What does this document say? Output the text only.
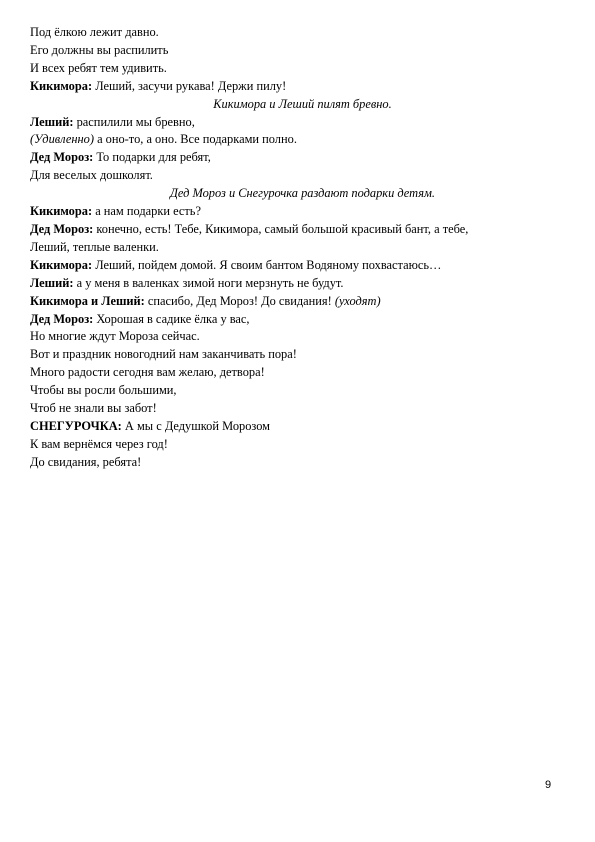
Под ёлкою лежит давно.
Его должны вы распилить
И всех ребят тем удивить.
Кикимора: Леший, засучи рукава! Держи пилу!
Кикимора и Леший пилят бревно.
Леший: распилили мы бревно,
(Удивленно) а оно-то, а оно. Все подарками полно.
Дед Мороз: То подарки для ребят,
Для веселых дошколят.
Дед Мороз и Снегурочка раздают подарки детям.
Кикимора: а нам подарки есть?
Дед Мороз: конечно, есть! Тебе, Кикимора, самый большой красивый бант, а тебе,
Леший, теплые валенки.
Кикимора: Леший, пойдем домой. Я своим бантом Водяному похвастаюсь…
Леший: а у меня в валенках зимой ноги мерзнуть не будут.
Кикимора и Леший: спасибо, Дед Мороз! До свидания! (уходят)
Дед Мороз: Хорошая в садике ёлка у вас,
Но многие ждут Мороза сейчас.
Вот и праздник новогодний нам заканчивать пора!
Много радости сегодня вам желаю, детвора!
Чтобы вы росли большими,
Чтоб не знали вы забот!
СНЕГУРОЧКА: А мы с Дедушкой Морозом
К вам вернёмся через год!
До свидания, ребята!
9
